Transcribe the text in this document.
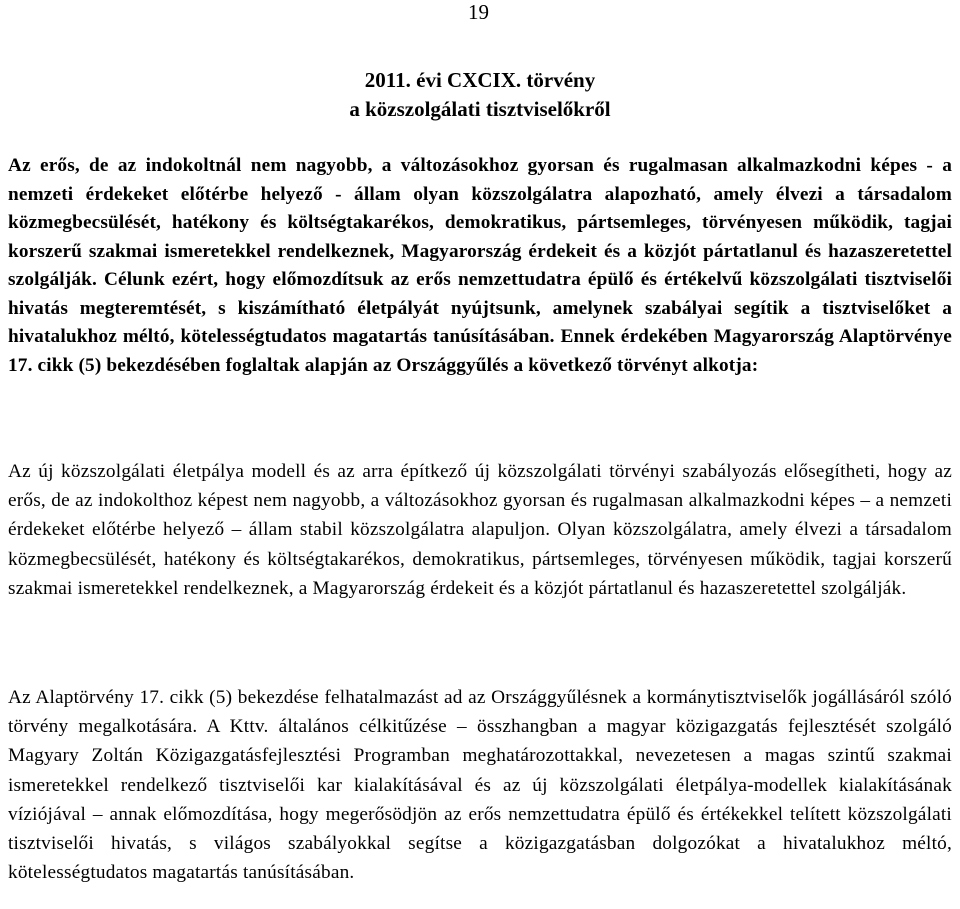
19
2011. évi CXCIX. törvény
a közszolgálati tisztviselőkről
Az erős, de az indokoltnál nem nagyobb, a változásokhoz gyorsan és rugalmasan alkalmazkodni képes - a nemzeti érdekeket előtérbe helyező - állam olyan közszolgálatra alapozható, amely élvezi a társadalom közmegbecsülését, hatékony és költségtakarékos, demokratikus, pártsemleges, törvényesen működik, tagjai korszerű szakmai ismeretekkel rendelkeznek, Magyarország érdekeit és a közjót pártatlanul és hazaszeretettel szolgálják. Célunk ezért, hogy előmozdítsuk az erős nemzettudatra épülő és értékelvű közszolgálati tisztviselői hivatás megteremtését, s kiszámítható életpályát nyújtsunk, amelynek szabályai segítik a tisztviselőket a hivatalukhoz méltó, kötelességtudatos magatartás tanúsításában. Ennek érdekében Magyarország Alaptörvénye 17. cikk (5) bekezdésében foglaltak alapján az Országgyűlés a következő törvényt alkotja:
Az új közszolgálati életpálya modell és az arra építkező új közszolgálati törvényi szabályozás elősegítheti, hogy az erős, de az indokolthoz képest nem nagyobb, a változásokhoz gyorsan és rugalmasan alkalmazkodni képes – a nemzeti érdekeket előtérbe helyező – állam stabil közszolgálatra alapuljon. Olyan közszolgálatra, amely élvezi a társadalom közmegbecsülését, hatékony és költségtakarékos, demokratikus, pártsemleges, törvényesen működik, tagjai korszerű szakmai ismeretekkel rendelkeznek, a Magyarország érdekeit és a közjót pártatlanul és hazaszeretettel szolgálják.
Az Alaptörvény 17. cikk (5) bekezdése felhatalmazást ad az Országgyűlésnek a kormánytisztviselők jogállásáról szóló törvény megalkotására. A Kttv. általános célkitűzése – összhangban a magyar közigazgatás fejlesztését szolgáló Magyary Zoltán Közigazgatásfejlesztési Programban meghatározottakkal, nevezetesen a magas szintű szakmai ismeretekkel rendelkező tisztviselői kar kialakításával és az új közszolgálati életpálya-modellek kialakításának víziójával – annak előmozdítása, hogy megerősödjön az erős nemzettudatra épülő és értékekkel telített közszolgálati tisztviselői hivatás, s világos szabályokkal segítse a közigazgatásban dolgozókat a hivatalukhoz méltó, kötelességtudatos magatartás tanúsításában.
